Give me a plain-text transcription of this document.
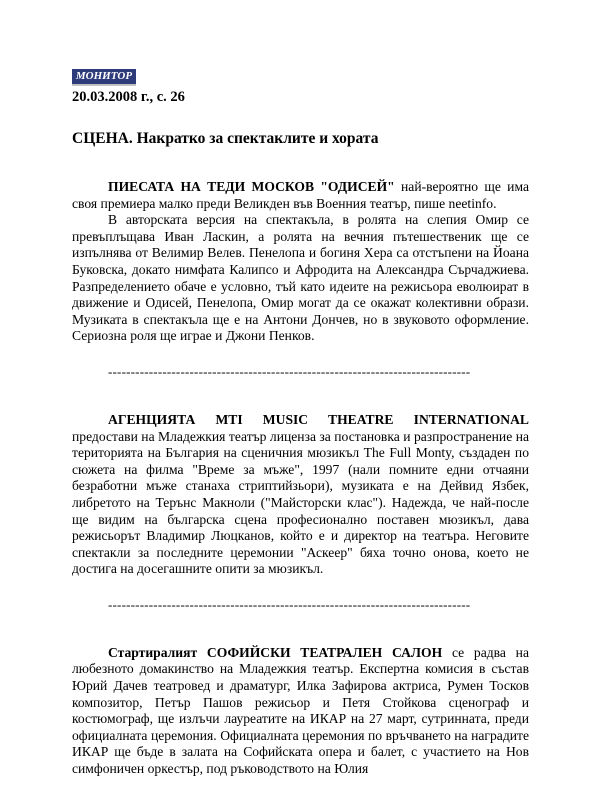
МОНИТОР
20.03.2008 г., с. 26
СЦЕНА. Накратко за спектаклите и хората

ПИЕСАТА НА ТЕДИ МОСКОВ "ОДИСЕЙ" най-вероятно ще има своя премиера малко преди Великден във Военния театър, пише neetinfo.

В авторската версия на спектакъла, в ролята на слепия Омир се превъплъщава Иван Ласкин, а ролята на вечния пътешественик ще се изпълнява от Велимир Велев. Пенелопа и богиня Хера са отстъпени на Йоана Буковска, докато нимфата Калипсо и Афродита на Александра Сърчаджиева. Разпределението обаче е условно, тъй като идеите на режисьора еволюират в движение и Одисей, Пенелопа, Омир могат да се окажат колективни образи. Музиката в спектакъла ще е на Антони Дончев, но в звуковото оформление. Сериозна роля ще играе и Джони Пенков.

--------------------------------------------------------------------------------

АГЕНЦИЯТА MTI MUSIC THEATRE INTERNATIONAL предостави на Младежкия театър лиценза за постановка и разпространение на територията на България на сценичния мюзикъл The Full Monty, създаден по сюжета на филма "Време за мъже", 1997 (нали помните едни отчаяни безработни мъже станаха стриптийзьори), музиката е на Дейвид Язбек, либретото на Терънс Макноли ("Майсторски клас"). Надежда, че най-после ще видим на българска сцена професионално поставен мюзикъл, дава режисьорът Владимир Люцканов, който е и директор на театъра. Неговите спектакли за последните церемонии "Аскеер" бяха точно онова, което не достига на досегашните опити за мюзикъл.

--------------------------------------------------------------------------------

Стартиралият СОФИЙСКИ ТЕАТРАЛЕН САЛОН се радва на любезното домакинство на Младежкия театър. Експертна комисия в състав Юрий Дачев театровед и драматург, Илка Зафирова актриса, Румен Тосков композитор, Петър Пашов режисьор и Петя Стойкова сценограф и костюмограф, ще излъчи лауреатите на ИКАР на 27 март, сутринната, преди официалната церемония. Официалната церемония по връчването на наградите ИКАР ще бъде в залата на Софийската опера и балет, с участието на Нов симфоничен оркестър, под ръководството на Юлия
